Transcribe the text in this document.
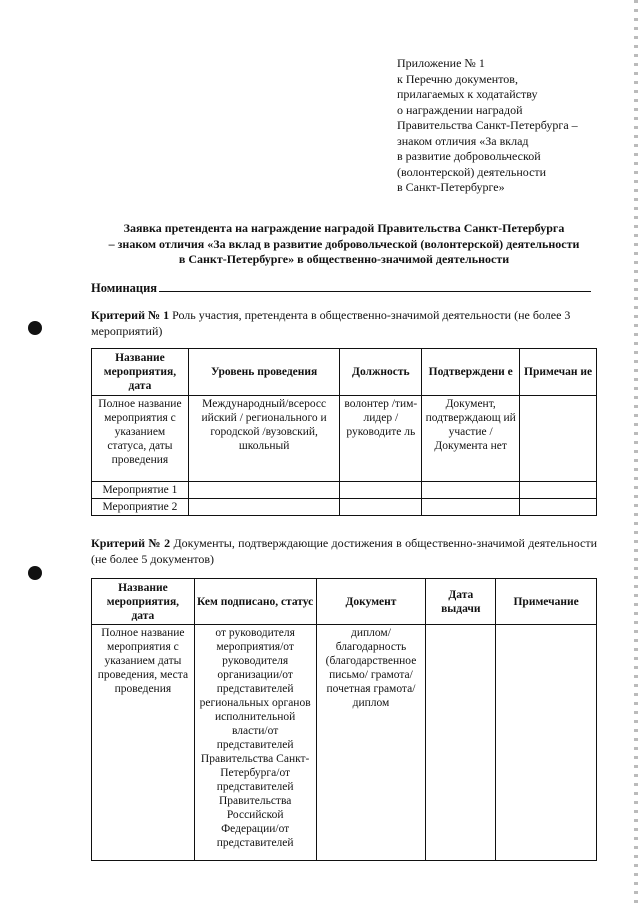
Приложение № 1
к Перечню документов,
прилагаемых к ходатайству
о награждении наградой
Правительства Санкт-Петербурга –
знаком отличия «За вклад
в развитие добровольческой
(волонтерской) деятельности
в Санкт-Петербурге»
Заявка претендента на награждение наградой Правительства Санкт-Петербурга
– знаком отличия «За вклад в развитие добровольческой (волонтерской) деятельности
в Санкт-Петербурге» в общественно-значимой деятельности
Номинация
Критерий № 1 Роль участия, претендента в общественно-значимой деятельности (не более 3 мероприятий)
Название мероприятия, дата	Уровень проведения	Должность	Подтверждени е	Примечан ие
Полное название мероприятия с указанием статуса, даты проведения	Международный/всеросс ийский / регионального и городской /вузовский, школьный	волонтер /тим-лидер /руководите ль	Документ, подтверждающ ий участие / Документа нет	
Мероприятие 1				
Мероприятие 2				
Критерий № 2 Документы, подтверждающие достижения в общественно-значимой деятельности (не более 5 документов)
Название мероприятия, дата	Кем подписано, статус	Документ	Дата выдачи	Примечание
Полное название мероприятия с указанием даты проведения, места проведения	от руководителя мероприятия/от руководителя организации/от представителей региональных органов исполнительной власти/от представителей Правительства Санкт-Петербурга/от представителей Правительства Российской Федерации/от представителей	диплом/ благодарность (благодарственное письмо/ грамота/ почетная грамота/диплом		
